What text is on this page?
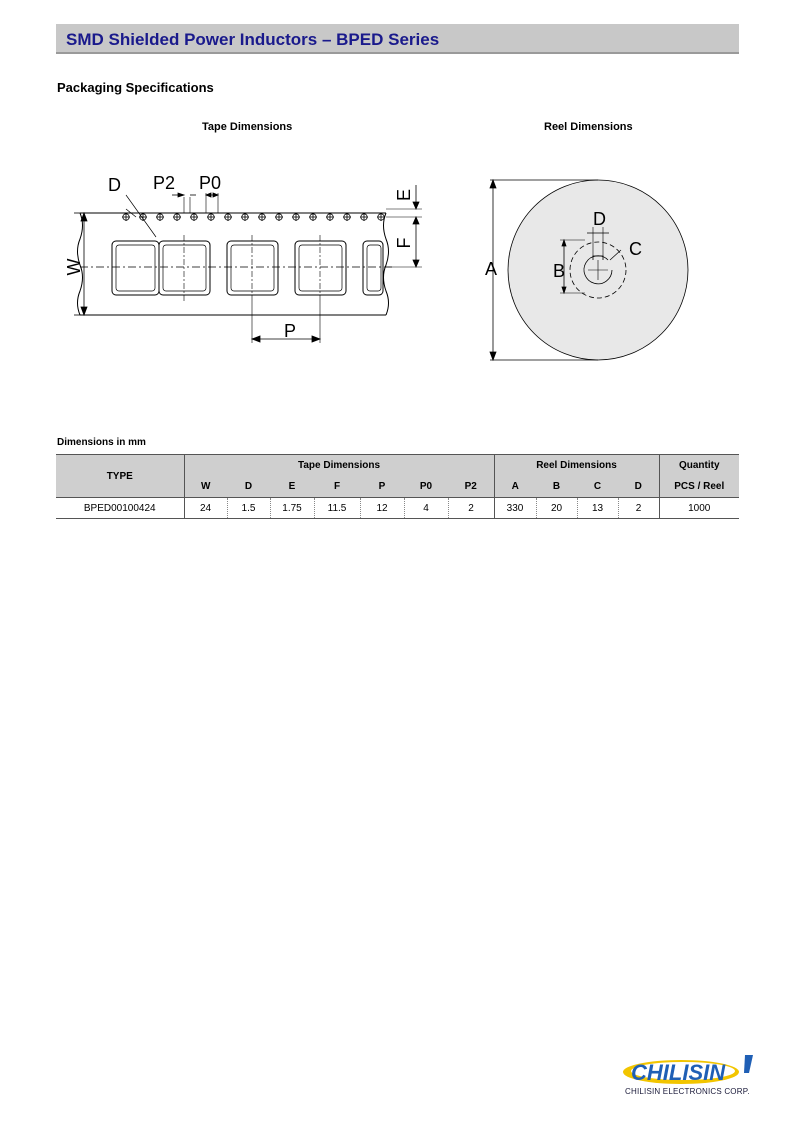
SMD Shielded Power Inductors – BPED Series
Packaging Specifications
Tape Dimensions	Reel Dimensions
D P2 P0
P
W
E
F
A	B
D
C
Dimensions in mm
TYPE	Tape Dimensions							Reel Dimensions				Quantity
	W	D	E	F	P	P0	P2	A	B	C	D	PCS / Reel
BPED00100424	24	1.5	1.75	11.5	12	4	2	330	20	13	2	1000
CHILISIN
CHILISIN ELECTRONICS CORP.
